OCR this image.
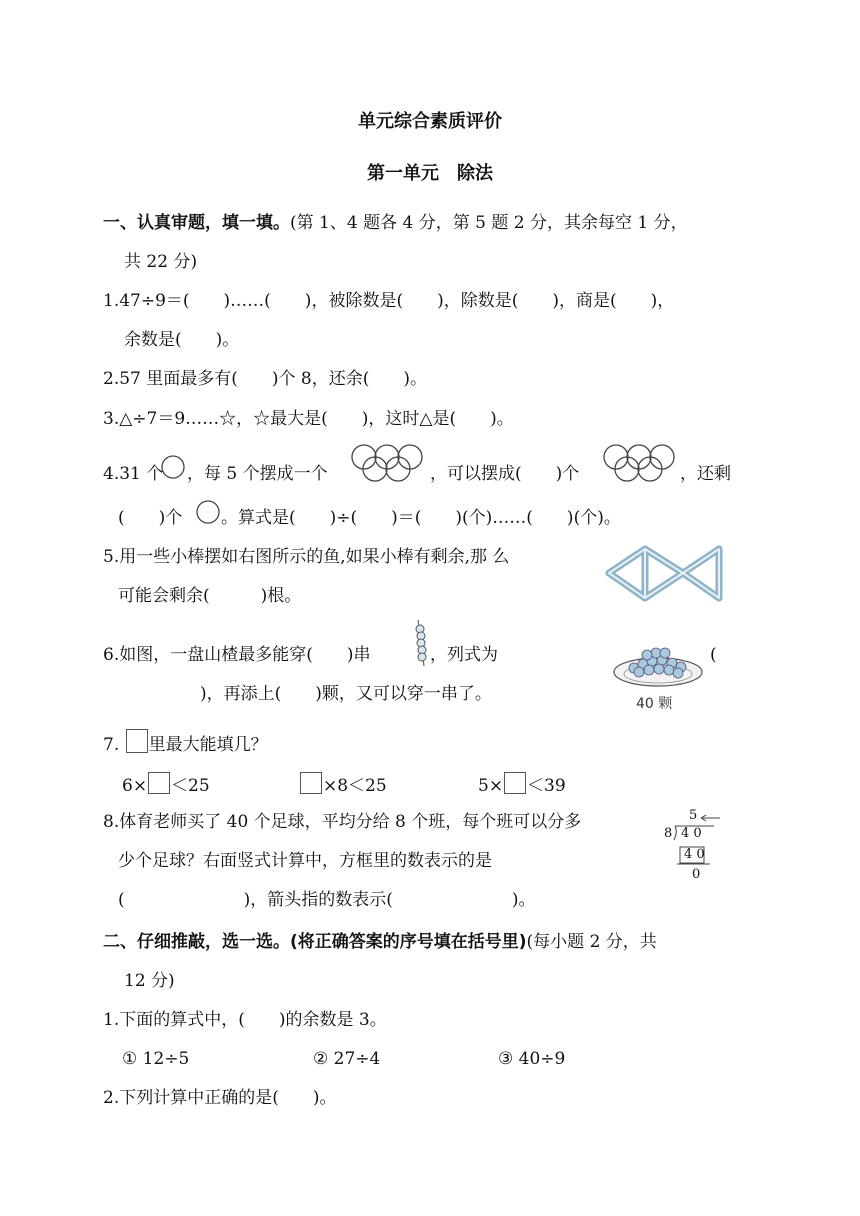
单元综合素质评价
第一单元　除法
一、认真审题，填一填。(第 1、4 题各 4 分，第 5 题 2 分，其余每空 1 分，
共 22 分)
1.47÷9＝(　　)……(　　)，被除数是(　　)，除数是(　　)，商是(　　)，
余数是(　　)。
2.57 里面最多有(　　)个 8，还余(　　)。
3.△÷7＝9……☆，☆最大是(　　)，这时△是(　　)。
4.31 个 ，每 5 个摆成一个	，可以摆成(　　)个	，还剩
(　　)个 。算式是(　　)÷(　　)＝(　　)(个)……(　　)(个)。
5.用一些小棒摆如右图所示的鱼,如果小棒有剩余,那 么
可能会剩余(　　　)根。
6.如图，一盘山楂最多能穿(　　)串	，列式为	(
)，再添上(　　)颗，又可以穿一串了。	40 颗
7. 里最大能填几？
6× ＜25	×8＜25	5× ＜39
8.体育老师买了 40 个足球，平均分给 8 个班，每个班可以分多
少个足球？右面竖式计算中，方框里的数表示的是
(　　　　　　　)，箭头指的数表示(　　　　　　　)。
5
8 4 0
4 0
0
二、仔细推敲，选一选。(将正确答案的序号填在括号里)(每小题 2 分，共
12 分)
1.下面的算式中，(　　)的余数是 3。
① 12÷5	② 27÷4	③ 40÷9
2.下列计算中正确的是(　　)。
